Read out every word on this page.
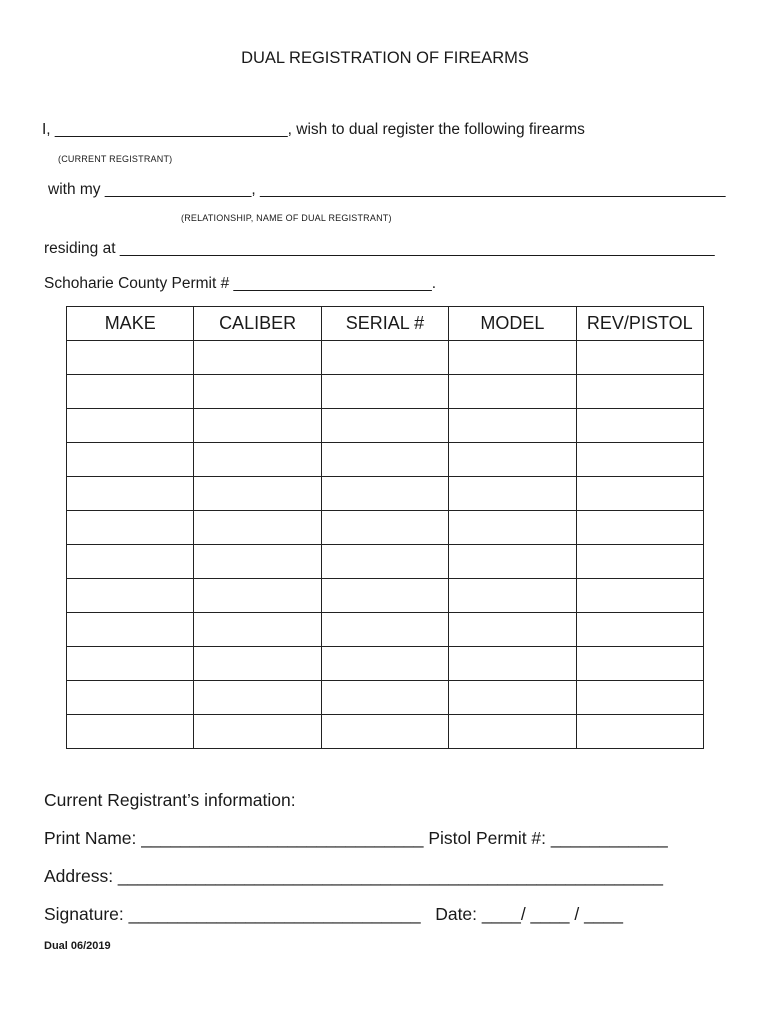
DUAL REGISTRATION OF FIREARMS
I, ___________________________, wish to dual register the following firearms
(CURRENT REGISTRANT)
with my _________________, ______________________________________________________
(RELATIONSHIP, NAME OF DUAL REGISTRANT)
residing at _____________________________________________________________________
Schoharie County Permit # _______________________.
MAKE	CALIBER	SERIAL #	MODEL	REV/PISTOL

Current Registrant’s information:
Print Name: _____________________________ Pistol Permit #: ____________
Address: ________________________________________________________
Signature: ______________________________   Date: ____/ ____ / ____
Dual 06/2019
